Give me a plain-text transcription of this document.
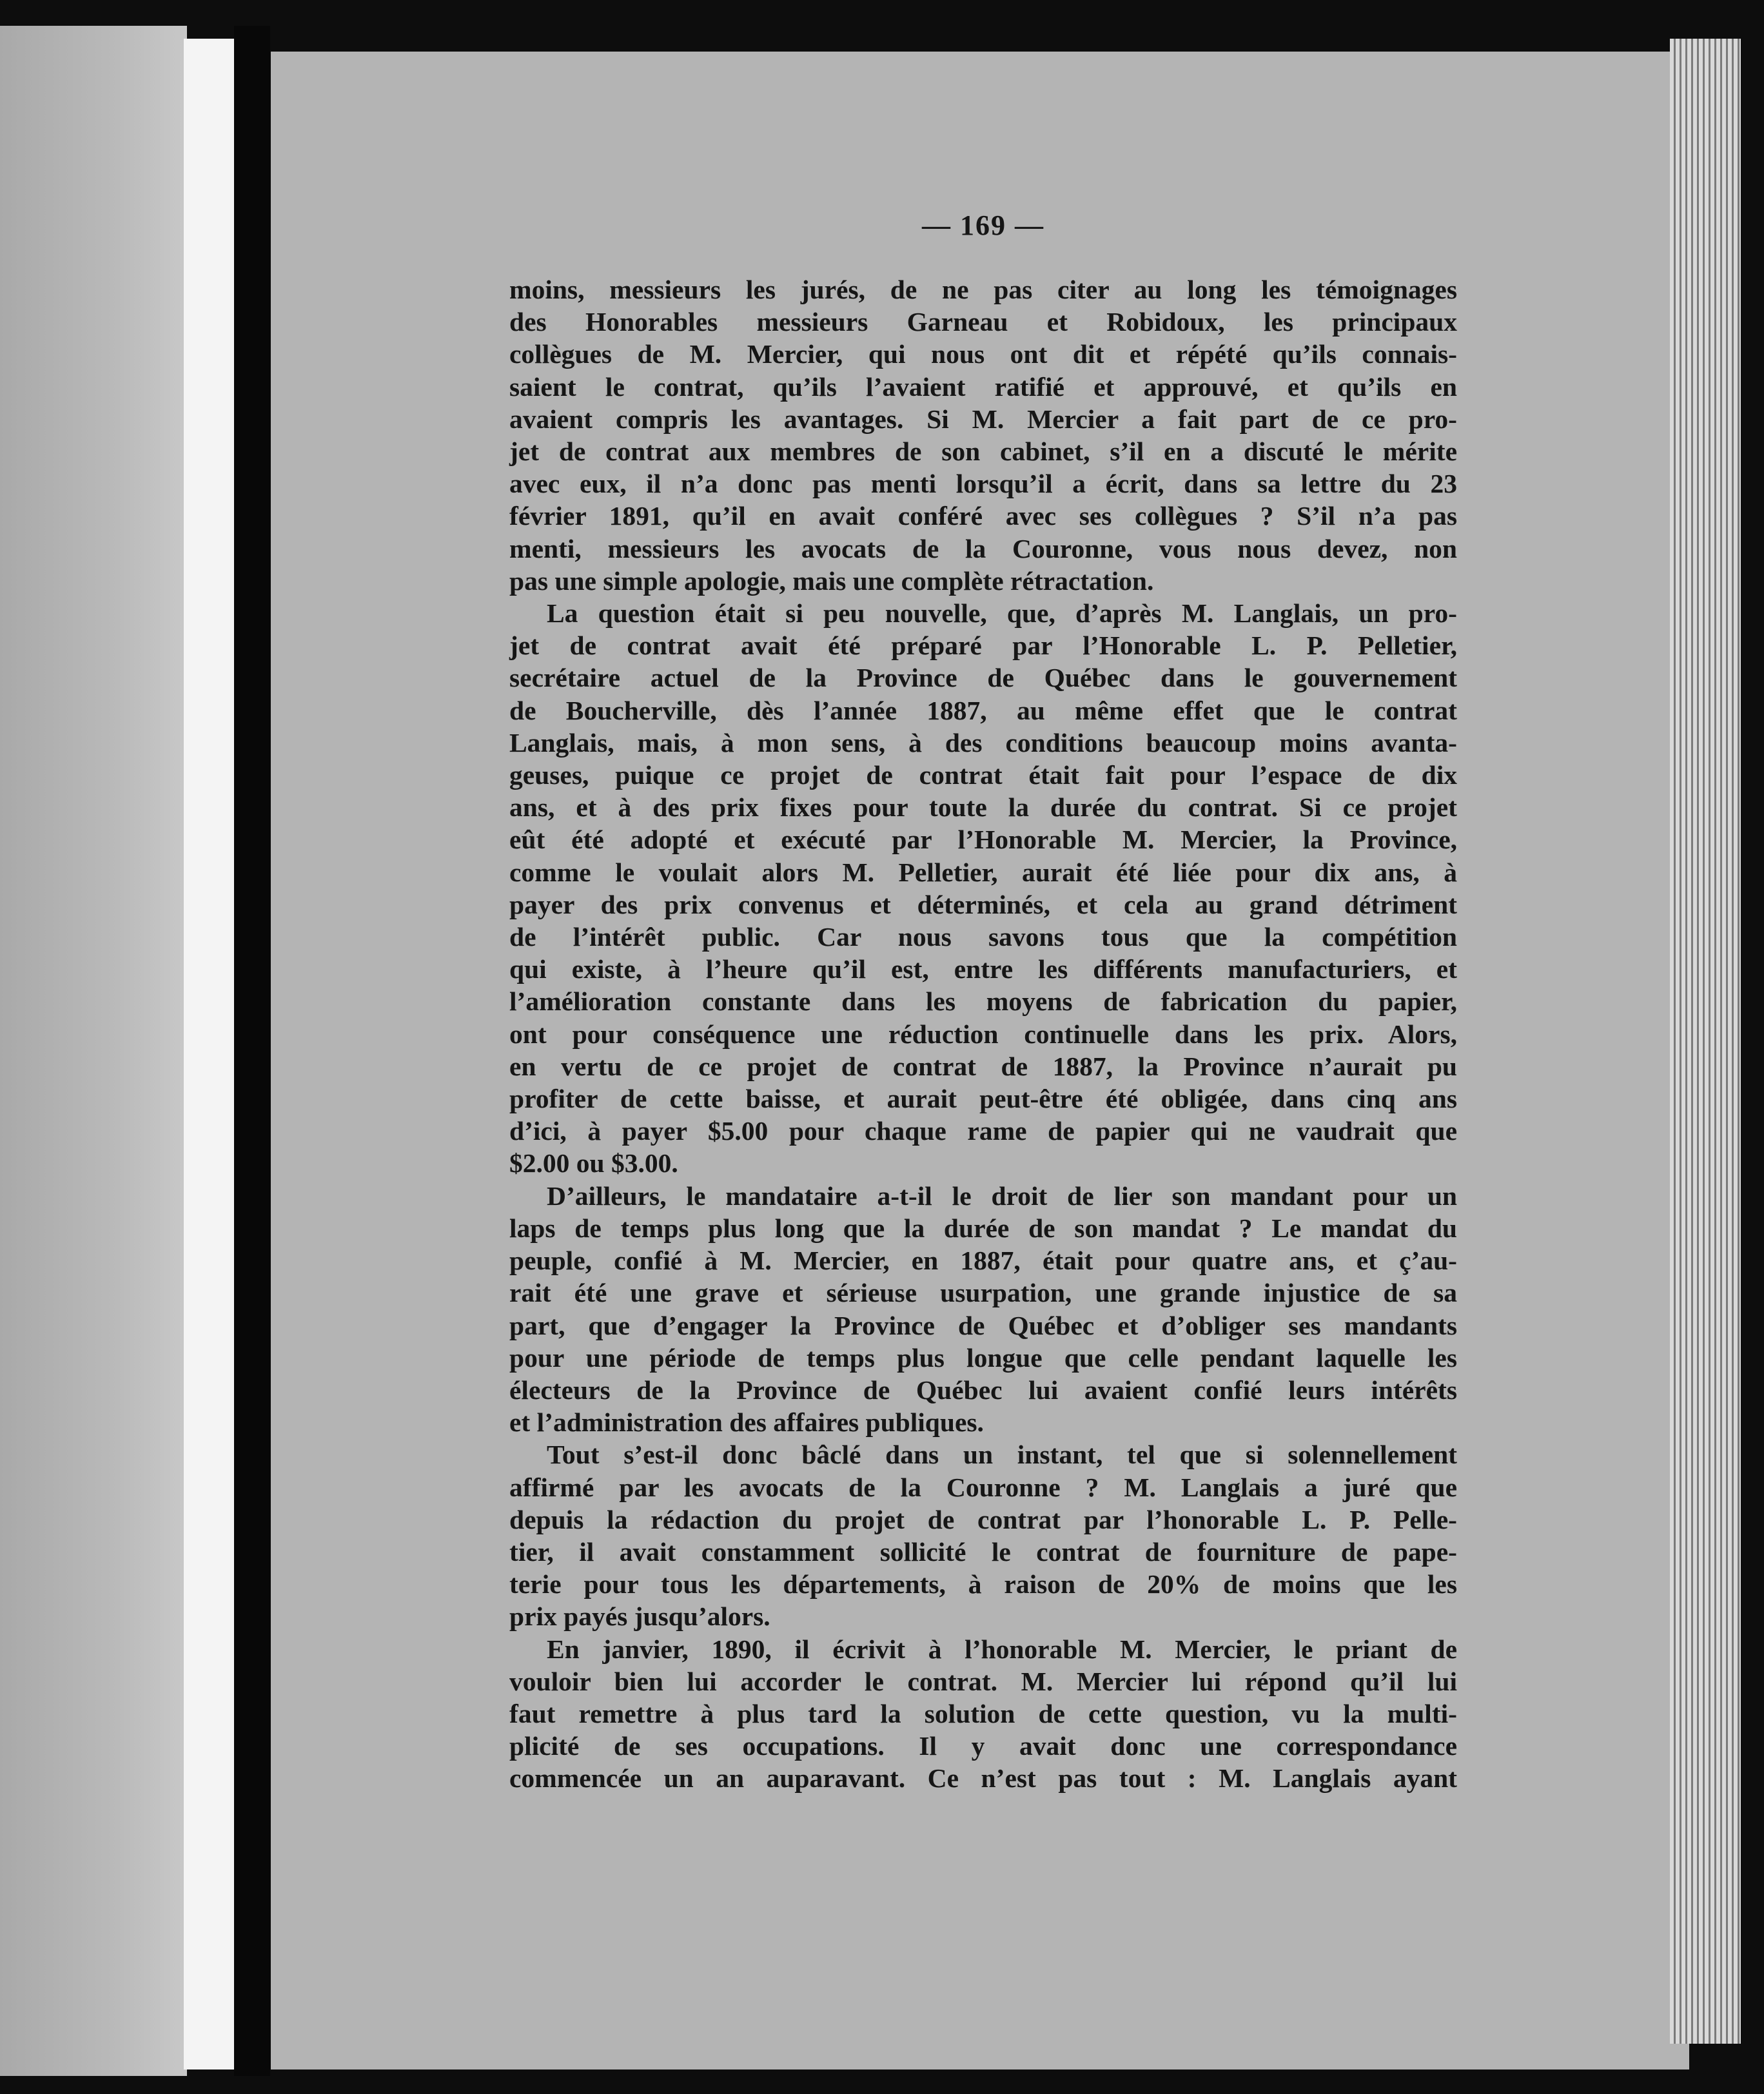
— 169 —
moins, messieurs les jurés, de ne pas citer au long les témoignages
des Honorables messieurs Garneau et Robidoux, les principaux
collègues de M. Mercier, qui nous ont dit et répété qu’ils connais-
saient le contrat, qu’ils l’avaient ratifié et approuvé, et qu’ils en
avaient compris les avantages. Si M. Mercier a fait part de ce pro-
jet de contrat aux membres de son cabinet, s’il en a discuté le mérite
avec eux, il n’a donc pas menti lorsqu’il a écrit, dans sa lettre du 23
février 1891, qu’il en avait conféré avec ses collègues ? S’il n’a pas
menti, messieurs les avocats de la Couronne, vous nous devez, non
pas une simple apologie, mais une complète rétractation.
La question était si peu nouvelle, que, d’après M. Langlais, un pro-
jet de contrat avait été préparé par l’Honorable L. P. Pelletier,
secrétaire actuel de la Province de Québec dans le gouvernement
de Boucherville, dès l’année 1887, au même effet que le contrat
Langlais, mais, à mon sens, à des conditions beaucoup moins avanta-
geuses, puique ce projet de contrat était fait pour l’espace de dix
ans, et à des prix fixes pour toute la durée du contrat. Si ce projet
eût été adopté et exécuté par l’Honorable M. Mercier, la Province,
comme le voulait alors M. Pelletier, aurait été liée pour dix ans, à
payer des prix convenus et déterminés, et cela au grand détriment
de l’intérêt public. Car nous savons tous que la compétition
qui existe, à l’heure qu’il est, entre les différents manufacturiers, et
l’amélioration constante dans les moyens de fabrication du papier,
ont pour conséquence une réduction continuelle dans les prix. Alors,
en vertu de ce projet de contrat de 1887, la Province n’aurait pu
profiter de cette baisse, et aurait peut-être été obligée, dans cinq ans
d’ici, à payer $5.00 pour chaque rame de papier qui ne vaudrait que
$2.00 ou $3.00.
D’ailleurs, le mandataire a-t-il le droit de lier son mandant pour un
laps de temps plus long que la durée de son mandat ? Le mandat du
peuple, confié à M. Mercier, en 1887, était pour quatre ans, et ç’au-
rait été une grave et sérieuse usurpation, une grande injustice de sa
part, que d’engager la Province de Québec et d’obliger ses mandants
pour une période de temps plus longue que celle pendant laquelle les
électeurs de la Province de Québec lui avaient confié leurs intérêts
et l’administration des affaires publiques.
Tout s’est-il donc bâclé dans un instant, tel que si solennellement
affirmé par les avocats de la Couronne ? M. Langlais a juré que
depuis la rédaction du projet de contrat par l’honorable L. P. Pelle-
tier, il avait constamment sollicité le contrat de fourniture de pape-
terie pour tous les départements, à raison de 20% de moins que les
prix payés jusqu’alors.
En janvier, 1890, il écrivit à l’honorable M. Mercier, le priant de
vouloir bien lui accorder le contrat. M. Mercier lui répond qu’il lui
faut remettre à plus tard la solution de cette question, vu la multi-
plicité de ses occupations. Il y avait donc une correspondance
commencée un an auparavant. Ce n’est pas tout : M. Langlais ayant
